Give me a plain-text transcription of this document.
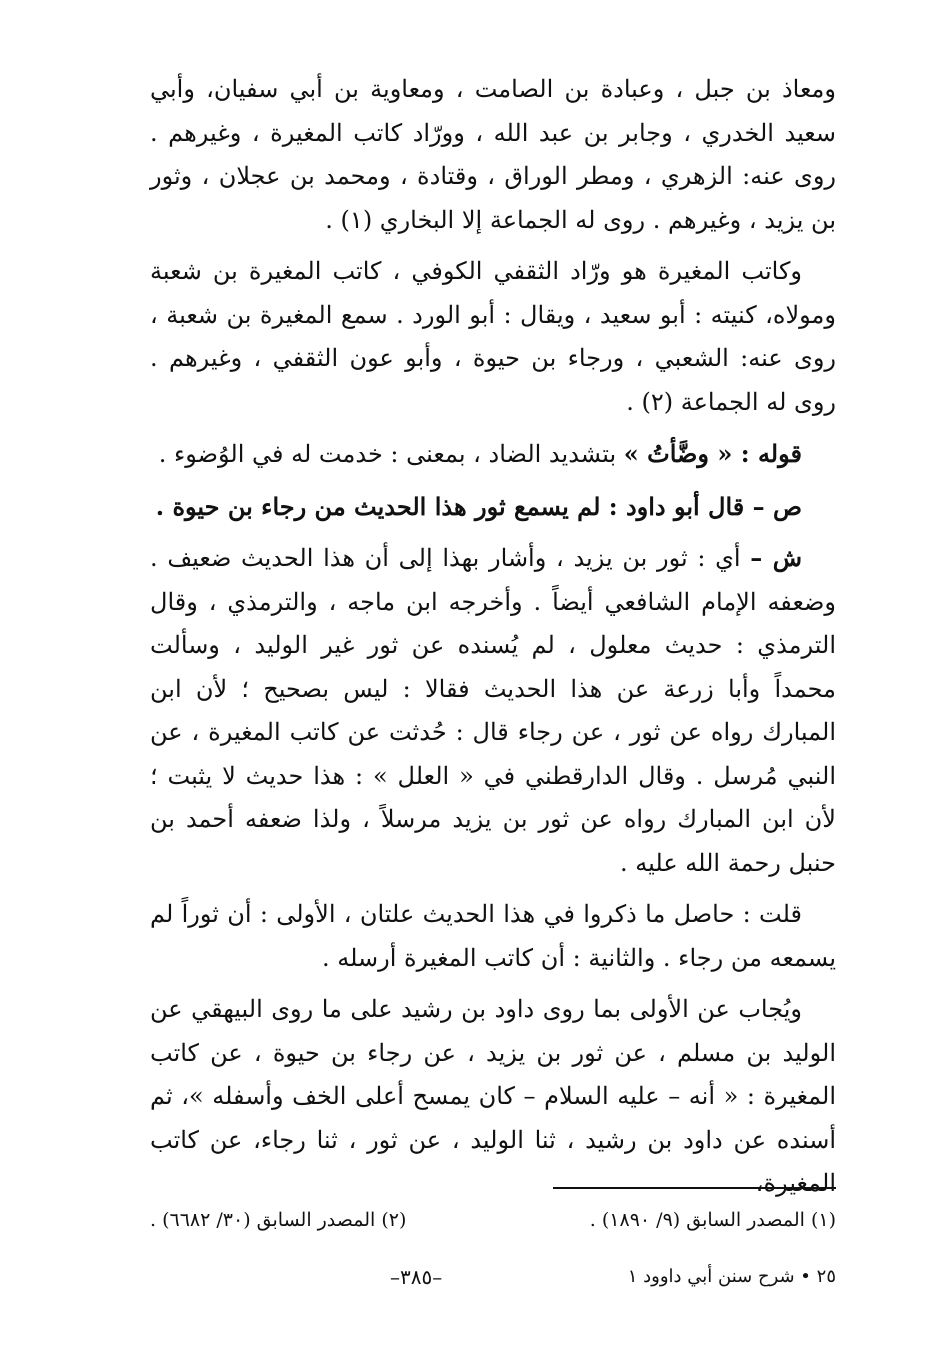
ومعاذ بن جبل ، وعبادة بن الصامت ، ومعاوية بن أبي سفيان، وأبي سعيد الخدري ، وجابر بن عبد الله ، وورّاد كاتب المغيرة ، وغيرهم . روى عنه: الزهري ، ومطر الوراق ، وقتادة ، ومحمد بن عجلان ، وثور بن يزيد ، وغيرهم . روى له الجماعة إلا البخاري (١) .

وكاتب المغيرة هو ورّاد الثقفي الكوفي ، كاتب المغيرة بن شعبة ومولاه، كنيته : أبو سعيد ، ويقال : أبو الورد . سمع المغيرة بن شعبة ، روى عنه: الشعبي ، ورجاء بن حيوة ، وأبو عون الثقفي ، وغيرهم . روى له الجماعة (٢) .

قوله : « وضَّأتُ » بتشديد الضاد ، بمعنى : خدمت له في الوُضوء .

ص – قال أبو داود : لم يسمع ثور هذا الحديث من رجاء بن حيوة .

ش – أي : ثور بن يزيد ، وأشار بهذا إلى أن هذا الحديث ضعيف . وضعفه الإمام الشافعي أيضاً . وأخرجه ابن ماجه ، والترمذي ، وقال الترمذي : حديث معلول ، لم يُسنده عن ثور غير الوليد ، وسألت محمداً وأبا زرعة عن هذا الحديث فقالا : ليس بصحيح ؛ لأن ابن المبارك رواه عن ثور ، عن رجاء قال : حُدثت عن كاتب المغيرة ، عن النبي مُرسل . وقال الدارقطني في « العلل » : هذا حديث لا يثبت ؛ لأن ابن المبارك رواه عن ثور بن يزيد مرسلاً ، ولذا ضعفه أحمد بن حنبل رحمة الله عليه .

قلت : حاصل ما ذكروا في هذا الحديث علتان ، الأولى : أن ثوراً لم يسمعه من رجاء . والثانية : أن كاتب المغيرة أرسله .

ويُجاب عن الأولى بما روى داود بن رشيد على ما روى البيهقي عن الوليد بن مسلم ، عن ثور بن يزيد ، عن رجاء بن حيوة ، عن كاتب المغيرة : « أنه – عليه السلام – كان يمسح أعلى الخف وأسفله »، ثم أسنده عن داود بن رشيد ، ثنا الوليد ، عن ثور ، ثنا رجاء، عن كاتب المغيرة،

(١) المصدر السابق (٩/ ١٨٩٠) .
(٢) المصدر السابق (٣٠/ ٦٦٨٢) .
٢٥ • شرح سنن أبي داوود ١
–٣٨٥–
